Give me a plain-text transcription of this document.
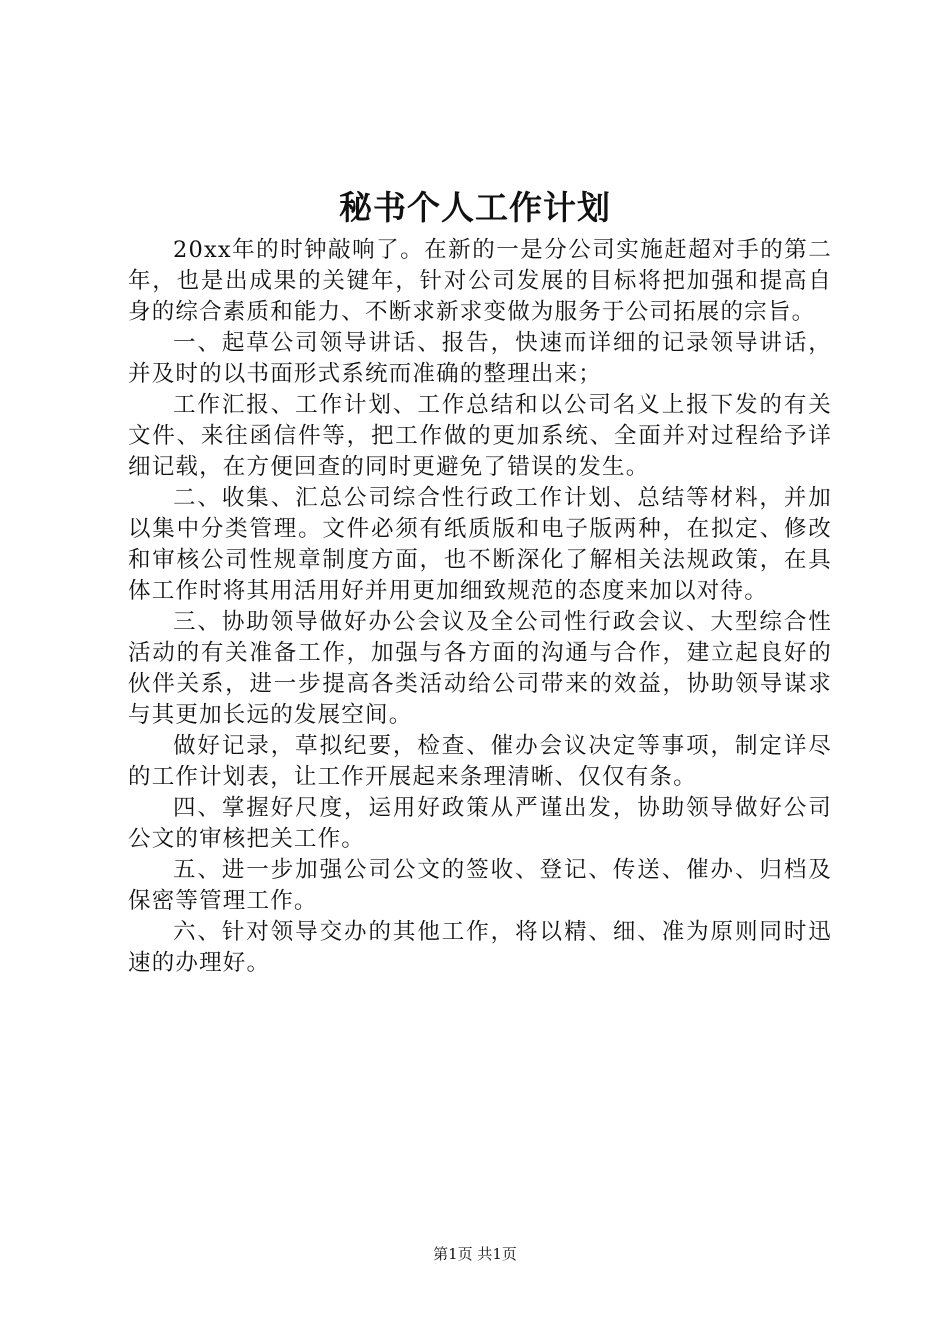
秘书个人工作计划

20xx年的时钟敲响了。在新的一是分公司实施赶超对手的第二年，也是出成果的关键年，针对公司发展的目标将把加强和提高自身的综合素质和能力、不断求新求变做为服务于公司拓展的宗旨。

一、起草公司领导讲话、报告，快速而详细的记录领导讲话，并及时的以书面形式系统而准确的整理出来；

工作汇报、工作计划、工作总结和以公司名义上报下发的有关文件、来往函信件等，把工作做的更加系统、全面并对过程给予详细记载，在方便回查的同时更避免了错误的发生。

二、收集、汇总公司综合性行政工作计划、总结等材料，并加以集中分类管理。文件必须有纸质版和电子版两种，在拟定、修改和审核公司性规章制度方面，也不断深化了解相关法规政策，在具体工作时将其用活用好并用更加细致规范的态度来加以对待。

三、协助领导做好办公会议及全公司性行政会议、大型综合性活动的有关准备工作，加强与各方面的沟通与合作，建立起良好的伙伴关系，进一步提高各类活动给公司带来的效益，协助领导谋求与其更加长远的发展空间。

做好记录，草拟纪要，检查、催办会议决定等事项，制定详尽的工作计划表，让工作开展起来条理清晰、仅仅有条。

四、掌握好尺度，运用好政策从严谨出发，协助领导做好公司公文的审核把关工作。

五、进一步加强公司公文的签收、登记、传送、催办、归档及保密等管理工作。

六、针对领导交办的其他工作，将以精、细、准为原则同时迅速的办理好。

第1页 共1页
